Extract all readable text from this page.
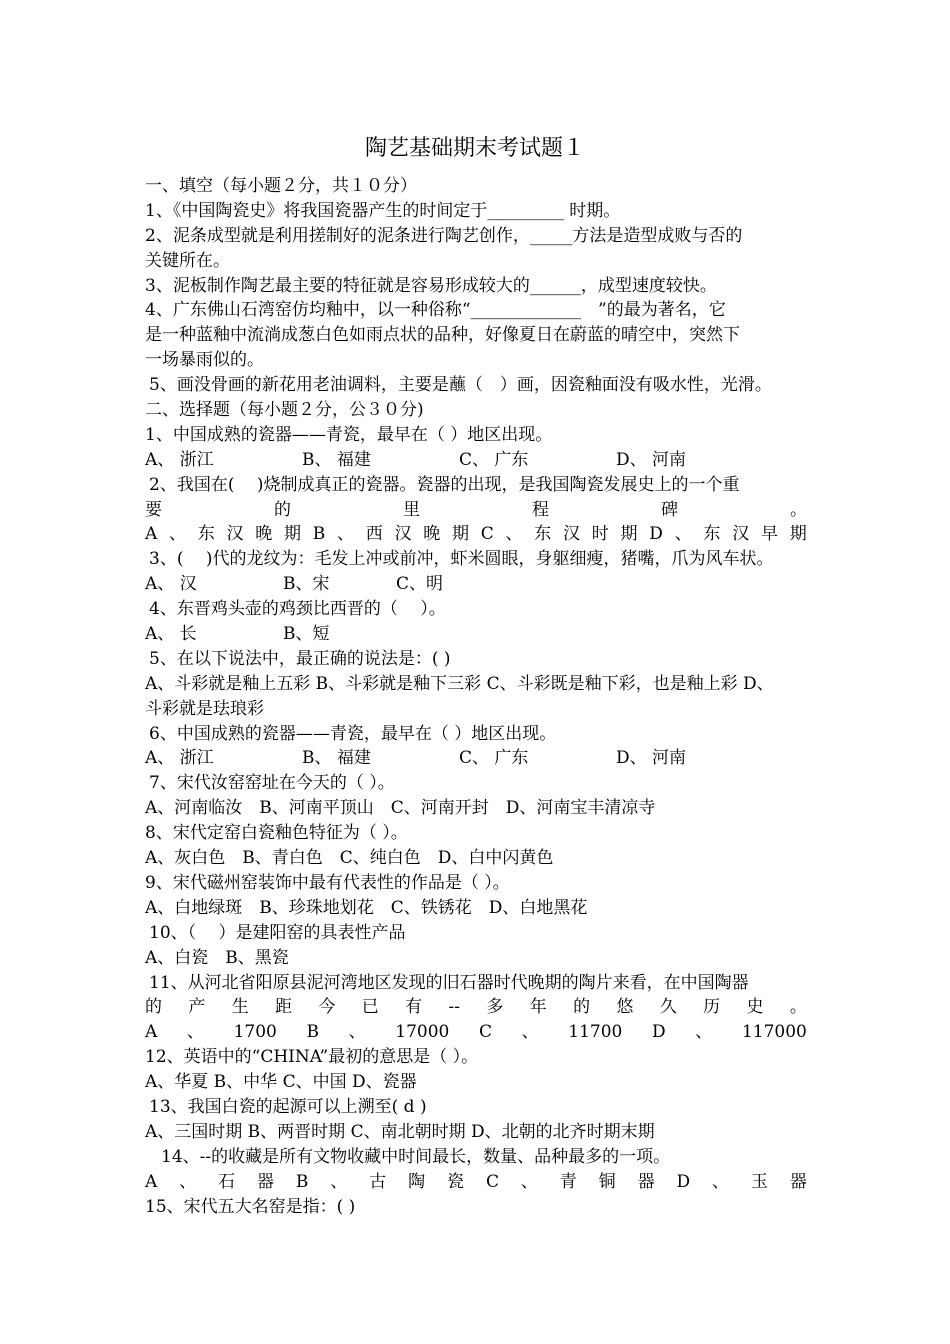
陶艺基础期末考试题１
一、填空（每小题２分，共１０分）
1、《中国陶瓷史》将我国瓷器产生的时间定于_________ 时期。
2、泥条成型就是利用搓制好的泥条进行陶艺创作，_____方法是造型成败与否的
关键所在。
3、泥板制作陶艺最主要的特征就是容易形成较大的______，成型速度较快。
4、广东佛山石湾窑仿均釉中，以一种俗称“_____________　”的最为著名，它
是一种蓝釉中流淌成葱白色如雨点状的品种，好像夏日在蔚蓝的晴空中，突然下
一场暴雨似的。
5、画没骨画的新花用老油调料，主要是蘸（　）画，因瓷釉面没有吸水性，光滑。
二、选择题（每小题２分，公３０分)
1、中国成熟的瓷器——青瓷，最早在（ ）地区出现。
A、 浙江	B、 福建	C、 广东	D、 河南
2、我国在(　 )烧制成真正的瓷器。瓷器的出现，是我国陶瓷发展史上的一个重
要	的	里	程	碑	。
A 、 东 汉 晚 期 B 、 西 汉 晚 期 C 、 东 汉 时 期 D 、 东 汉 早 期
3、(　 )代的龙纹为：毛发上冲或前冲，虾米圆眼，身躯细瘦，猪嘴，爪为风车状。
A、 汉	B、宋	C、明
4、东晋鸡头壶的鸡颈比西晋的（　 ）。
A、 长	B、短
5、在以下说法中，最正确的说法是：( )
A、斗彩就是釉上五彩 B、斗彩就是釉下三彩 C、斗彩既是釉下彩，也是釉上彩 D、
斗彩就是珐琅彩
6、中国成熟的瓷器——青瓷，最早在（ ）地区出现。
A、 浙江	B、 福建	C、 广东	D、 河南
7、宋代汝窑窑址在今天的（ ）。
A、河南临汝　B、河南平顶山　C、河南开封　D、河南宝丰清凉寺
8、宋代定窑白瓷釉色特征为（ ）。
A、灰白色　B、青白色　C、纯白色　D、白中闪黄色
9、宋代磁州窑装饰中最有代表性的作品是（ ）。
A、白地绿斑　B、珍珠地划花　C、铁锈花　D、白地黑花
10、（　 ）是建阳窑的具表性产品
A、白瓷　B、黑瓷
11、从河北省阳原县泥河湾地区发现的旧石器时代晚期的陶片来看，在中国陶器
的 产 生 距 今 已 有 -- 多 年 的 悠 久 历 史 。
A 、 1700 B 、 17000 C 、 11700 D 、 117000
12、英语中的“CHINA”最初的意思是（ ）。
A、华夏 B、中华 C、中国 D、瓷器
13、我国白瓷的起源可以上溯至( d )
A、三国时期 B、两晋时期 C、南北朝时期 D、北朝的北齐时期末期
14、--的收藏是所有文物收藏中时间最长，数量、品种最多的一项。
A 、 石 器 B 、 古 陶 瓷 C 、 青 铜 器 D 、 玉 器
15、宋代五大名窑是指：( )
